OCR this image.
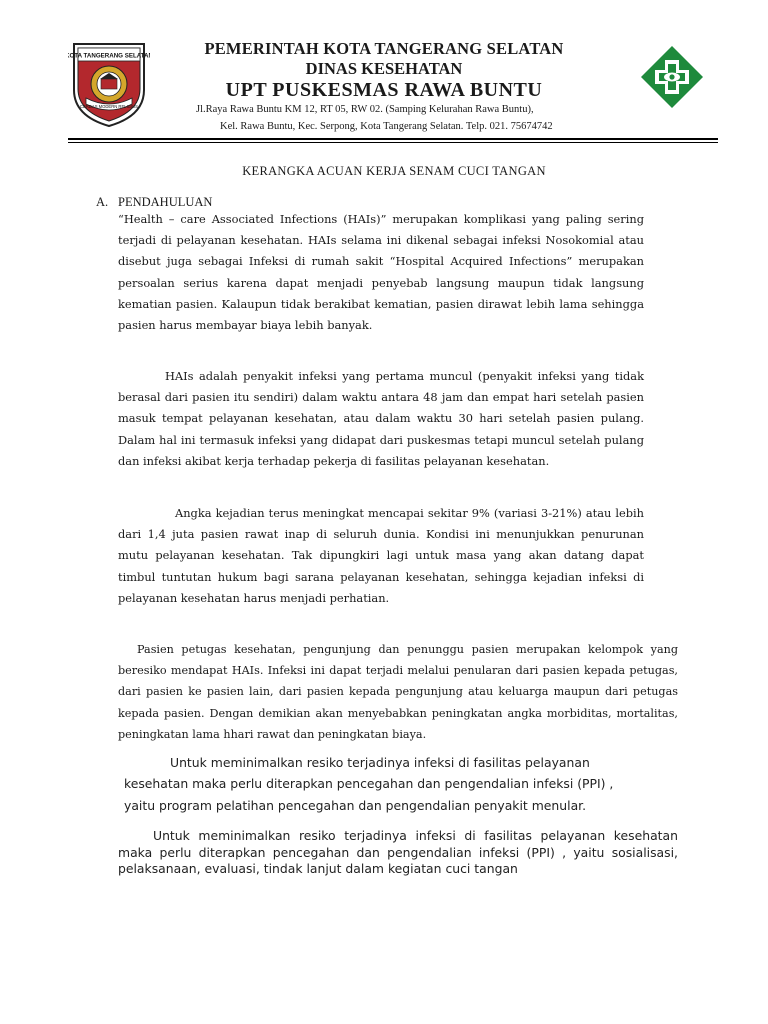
KOTA TANGERANG SELATAN
CERDAS MODERN RELIGIUS
PEMERINTAH KOTA TANGERANG SELATAN
DINAS KESEHATAN
UPT PUSKESMAS RAWA BUNTU
Jl.Raya Rawa Buntu KM 12, RT 05, RW 02. (Samping Kelurahan Rawa Buntu),
Kel. Rawa Buntu, Kec. Serpong, Kota Tangerang Selatan. Telp. 021. 75674742
KERANGKA ACUAN KERJA SENAM CUCI TANGAN
A. PENDAHULUAN
“Health – care Associated Infections (HAIs)” merupakan komplikasi yang paling sering terjadi di pelayanan kesehatan. HAIs selama ini dikenal sebagai infeksi Nosokomial atau disebut juga sebagai Infeksi di rumah sakit “Hospital Acquired Infections” merupakan persoalan serius karena dapat menjadi penyebab langsung maupun tidak langsung kematian pasien. Kalaupun tidak berakibat kematian, pasien dirawat lebih lama sehingga pasien harus membayar biaya lebih banyak.
HAIs adalah penyakit infeksi yang pertama muncul (penyakit infeksi yang tidak berasal dari pasien itu sendiri) dalam waktu antara 48 jam dan empat hari setelah pasien masuk tempat pelayanan kesehatan, atau dalam waktu 30 hari setelah pasien pulang. Dalam hal ini termasuk infeksi yang didapat dari puskesmas tetapi muncul setelah pulang dan infeksi akibat kerja terhadap pekerja di fasilitas pelayanan kesehatan.
Angka kejadian terus meningkat mencapai sekitar 9% (variasi 3-21%) atau lebih dari 1,4 juta pasien rawat inap di seluruh dunia. Kondisi ini menunjukkan penurunan mutu pelayanan kesehatan. Tak dipungkiri lagi untuk masa yang akan datang dapat timbul tuntutan hukum bagi sarana pelayanan kesehatan, sehingga kejadian infeksi di pelayanan kesehatan harus menjadi perhatian.
Pasien petugas kesehatan, pengunjung dan penunggu pasien merupakan kelompok yang beresiko mendapat HAIs. Infeksi ini dapat terjadi melalui penularan dari pasien kepada petugas, dari pasien ke pasien lain, dari pasien kepada pengunjung atau keluarga maupun dari petugas kepada pasien. Dengan demikian akan menyebabkan peningkatan angka morbiditas, mortalitas, peningkatan lama hhari rawat dan peningkatan biaya.
Untuk meminimalkan resiko terjadinya infeksi di fasilitas pelayanan
kesehatan maka perlu diterapkan pencegahan dan pengendalian infeksi (PPI) ,
yaitu program pelatihan pencegahan dan pengendalian penyakit menular.
Untuk meminimalkan resiko terjadinya infeksi di fasilitas pelayanan kesehatan maka perlu diterapkan pencegahan dan pengendalian infeksi (PPI) , yaitu sosialisasi, pelaksanaan, evaluasi, tindak lanjut dalam kegiatan cuci tangan
